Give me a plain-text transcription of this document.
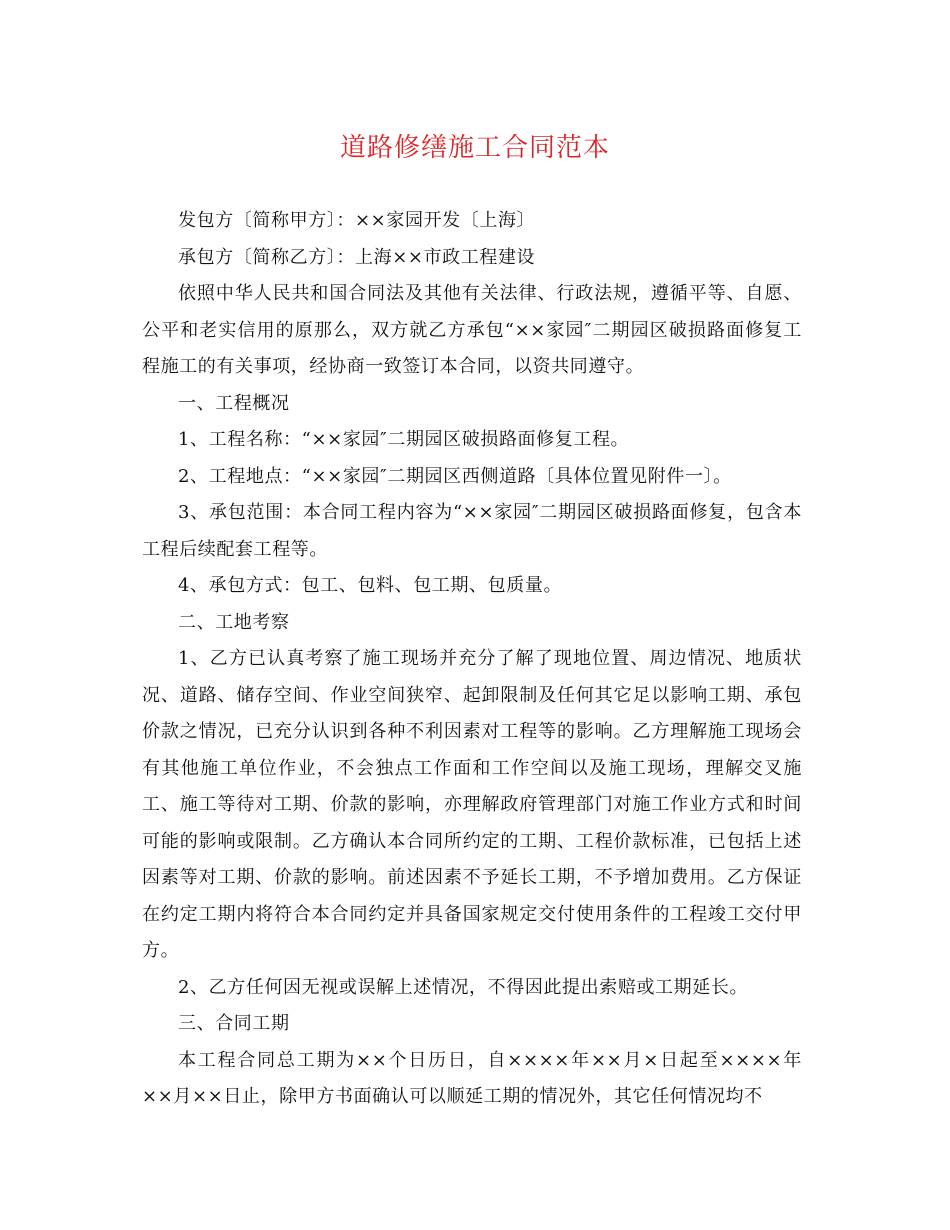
道路修缮施工合同范本

发包方〔简称甲方〕：××家园开发〔上海〕

承包方〔简称乙方〕：上海××市政工程建设

依照中华人民共和国合同法及其他有关法律、行政法规，遵循平等、自愿、公平和老实信用的原那么，双方就乙方承包“××家园″二期园区破损路面修复工程施工的有关事项，经协商一致签订本合同，以资共同遵守。

一、工程概况

1、工程名称：“××家园″二期园区破损路面修复工程。

2、工程地点：“××家园″二期园区西侧道路〔具体位置见附件一〕。

3、承包范围：本合同工程内容为“××家园″二期园区破损路面修复，包含本工程后续配套工程等。

4、承包方式：包工、包料、包工期、包质量。

二、工地考察

1、乙方已认真考察了施工现场并充分了解了现地位置、周边情况、地质状况、道路、储存空间、作业空间狭窄、起卸限制及任何其它足以影响工期、承包价款之情况，已充分认识到各种不利因素对工程等的影响。乙方理解施工现场会有其他施工单位作业，不会独点工作面和工作空间以及施工现场，理解交叉施工、施工等待对工期、价款的影响，亦理解政府管理部门对施工作业方式和时间可能的影响或限制。乙方确认本合同所约定的工期、工程价款标准，已包括上述因素等对工期、价款的影响。前述因素不予延长工期，不予增加费用。乙方保证在约定工期内将符合本合同约定并具备国家规定交付使用条件的工程竣工交付甲方。

2、乙方任何因无视或误解上述情况，不得因此提出索赔或工期延长。

三、合同工期

本工程合同总工期为××个日历日，自××××年××月×日起至××××年××月××日止，除甲方书面确认可以顺延工期的情况外，其它任何情况均不
